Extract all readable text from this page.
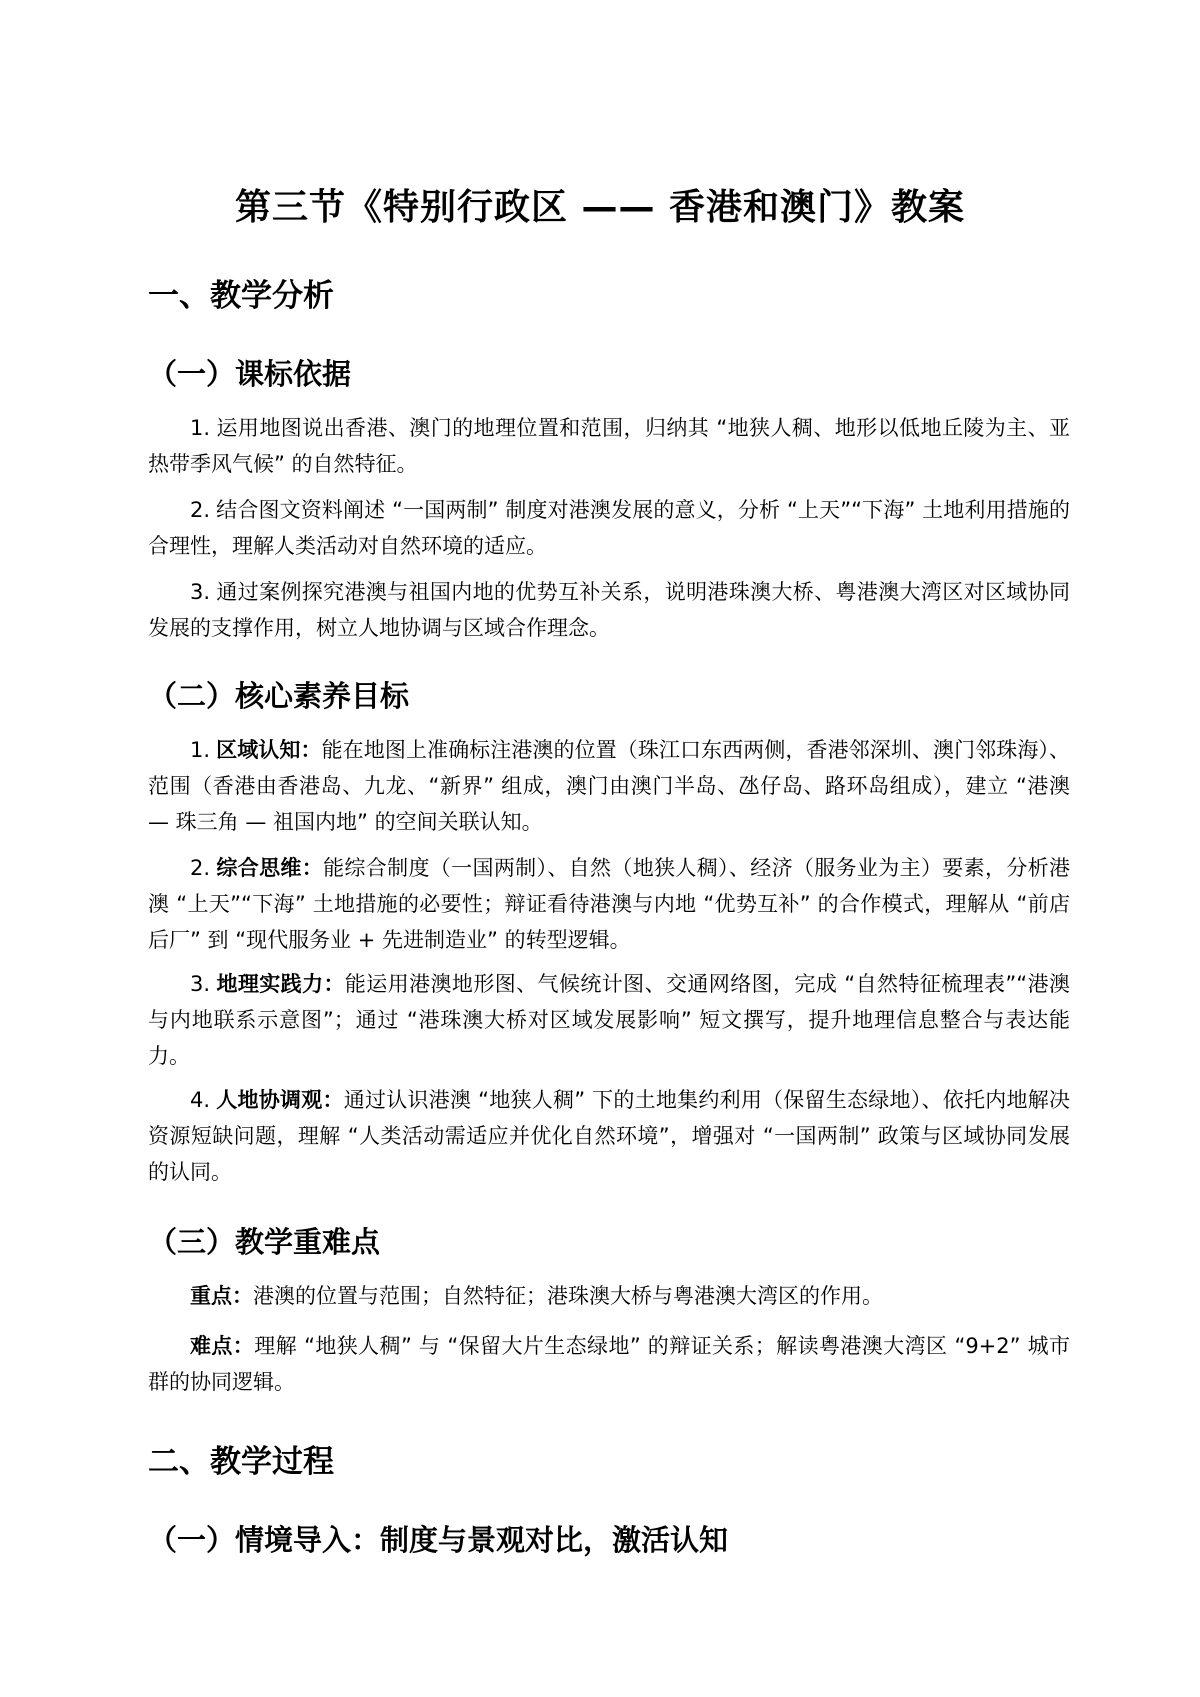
第三节《特别行政区 —— 香港和澳门》教案
一、教学分析
（一）课标依据
1. 运用地图说出香港、澳门的地理位置和范围，归纳其 “地狭人稠、地形以低地丘陵为主、亚热带季风气候” 的自然特征。
2. 结合图文资料阐述 “一国两制” 制度对港澳发展的意义，分析 “上天”“下海” 土地利用措施的合理性，理解人类活动对自然环境的适应。
3. 通过案例探究港澳与祖国内地的优势互补关系，说明港珠澳大桥、粤港澳大湾区对区域协同发展的支撑作用，树立人地协调与区域合作理念。
（二）核心素养目标
1. 区域认知：能在地图上准确标注港澳的位置（珠江口东西两侧，香港邻深圳、澳门邻珠海）、范围（香港由香港岛、九龙、“新界” 组成，澳门由澳门半岛、氹仔岛、路环岛组成），建立 “港澳 — 珠三角 — 祖国内地” 的空间关联认知。
2. 综合思维：能综合制度（一国两制）、自然（地狭人稠）、经济（服务业为主）要素，分析港澳 “上天”“下海” 土地措施的必要性；辩证看待港澳与内地 “优势互补” 的合作模式，理解从 “前店后厂” 到 “现代服务业 + 先进制造业” 的转型逻辑。
3. 地理实践力：能运用港澳地形图、气候统计图、交通网络图，完成 “自然特征梳理表”“港澳与内地联系示意图”；通过 “港珠澳大桥对区域发展影响” 短文撰写，提升地理信息整合与表达能力。
4. 人地协调观：通过认识港澳 “地狭人稠” 下的土地集约利用（保留生态绿地）、依托内地解决资源短缺问题，理解 “人类活动需适应并优化自然环境”，增强对 “一国两制” 政策与区域协同发展的认同。
（三）教学重难点
重点：港澳的位置与范围；自然特征；港珠澳大桥与粤港澳大湾区的作用。
难点：理解 “地狭人稠” 与 “保留大片生态绿地” 的辩证关系；解读粤港澳大湾区 “9+2” 城市群的协同逻辑。
二、教学过程
（一）情境导入：制度与景观对比，激活认知
